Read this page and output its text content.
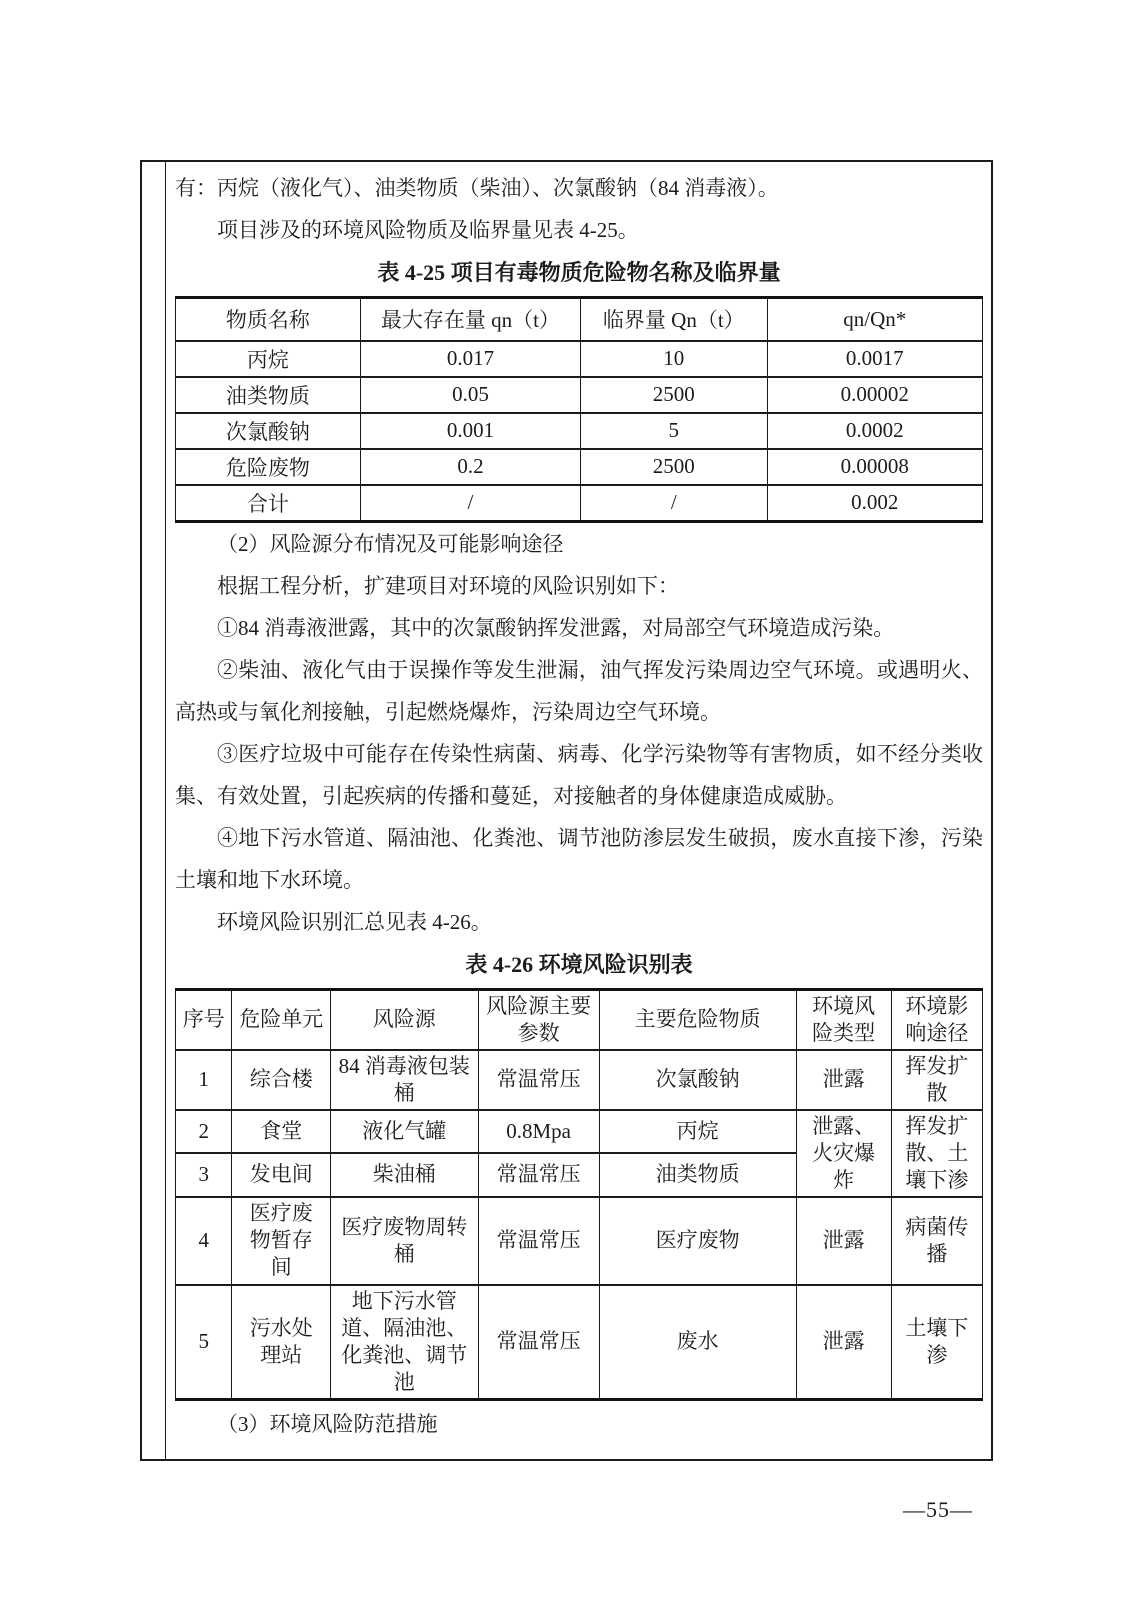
有：丙烷（液化气）、油类物质（柴油）、次氯酸钠（84 消毒液）。

项目涉及的环境风险物质及临界量见表 4-25。

表 4-25 项目有毒物质危险物名称及临界量

物质名称	最大存在量 qn（t）	临界量 Qn（t）	qn/Qn*
丙烷	0.017	10	0.0017
油类物质	0.05	2500	0.00002
次氯酸钠	0.001	5	0.0002
危险废物	0.2	2500	0.00008
合计	/	/	0.002

（2）风险源分布情况及可能影响途径

根据工程分析，扩建项目对环境的风险识别如下：

①84 消毒液泄露，其中的次氯酸钠挥发泄露，对局部空气环境造成污染。

②柴油、液化气由于误操作等发生泄漏，油气挥发污染周边空气环境。或遇明火、高热或与氧化剂接触，引起燃烧爆炸，污染周边空气环境。

③医疗垃圾中可能存在传染性病菌、病毒、化学污染物等有害物质，如不经分类收集、有效处置，引起疾病的传播和蔓延，对接触者的身体健康造成威胁。

④地下污水管道、隔油池、化粪池、调节池防渗层发生破损，废水直接下渗，污染土壤和地下水环境。

环境风险识别汇总见表 4-26。

表 4-26 环境风险识别表

序号	危险单元	风险源	风险源主要参数	主要危险物质	环境风险类型	环境影响途径
1	综合楼	84 消毒液包装桶	常温常压	次氯酸钠	泄露	挥发扩散
2	食堂	液化气罐	0.8Mpa	丙烷	泄露、火灾爆炸	挥发扩散、土壤下渗
3	发电间	柴油桶	常温常压	油类物质		
4	医疗废物暂存间	医疗废物周转桶	常温常压	医疗废物	泄露	病菌传播
5	污水处理站	地下污水管道、隔油池、化粪池、调节池	常温常压	废水	泄露	土壤下渗

（3）环境风险防范措施

—55—
